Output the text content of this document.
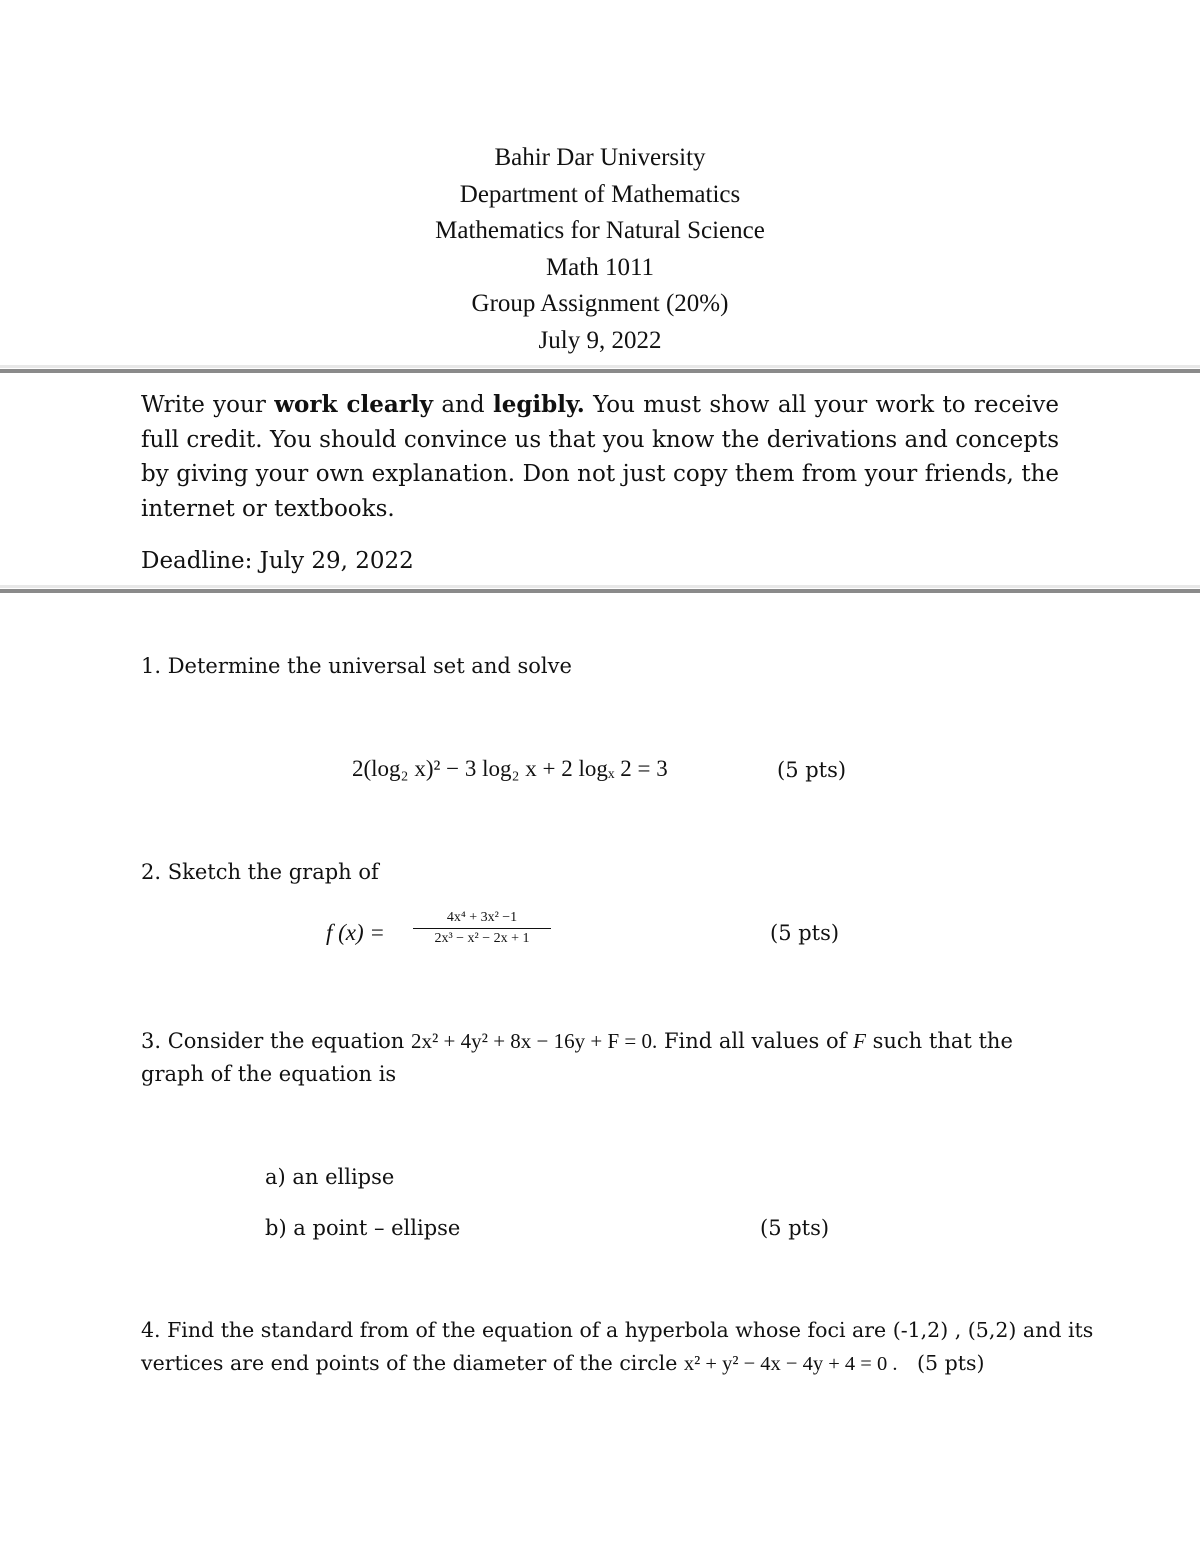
Bahir Dar University
Department of Mathematics
Mathematics for Natural Science
Math 1011
Group Assignment (20%)
July 9, 2022
Write your work clearly and legibly. You must show all your work to receive full credit. You should convince us that you know the derivations and concepts by giving your own explanation. Don not just copy them from your friends, the internet or textbooks.
Deadline: July 29, 2022
1. Determine the universal set and solve
2(log₂ x)² − 3 log₂ x + 2 logₓ 2 = 3	(5 pts)
2. Sketch the graph of
f $(x) = \frac{\text{4x⁴ + 3x² −1}}{\text{2x³ − x² − 2x + 1}}$	(5 pts)
3. Consider the equation 2x² + 4y² + 8x − 16y + F = 0. Find all values of F such that the
graph of the equation is
a) an ellipse
b) a point – ellipse	(5 pts)
4. Find the standard from of the equation of a hyperbola whose foci are (-1,2) , (5,2) and its
vertices are end points of the diameter of the circle x² + y² − 4x − 4y + 4 = 0 . (5 pts)
